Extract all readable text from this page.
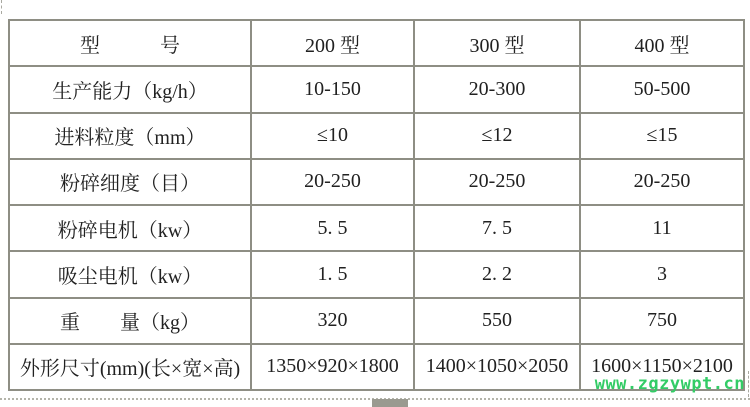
型　　　号	200 型	300 型	400 型
生产能力（kg/h）	10-150	20-300	50-500
进料粒度（mm）	≤10	≤12	≤15
粉碎细度（目）	20-250	20-250	20-250
粉碎电机（kw）	5. 5	7. 5	11
吸尘电机（kw）	1. 5	2. 2	3
重　　量（kg）	320	550	750
外形尺寸(mm)(长×宽×高)	1350×920×1800	1400×1050×2050	1600×1150×2100
www.zgzywpt.cn
